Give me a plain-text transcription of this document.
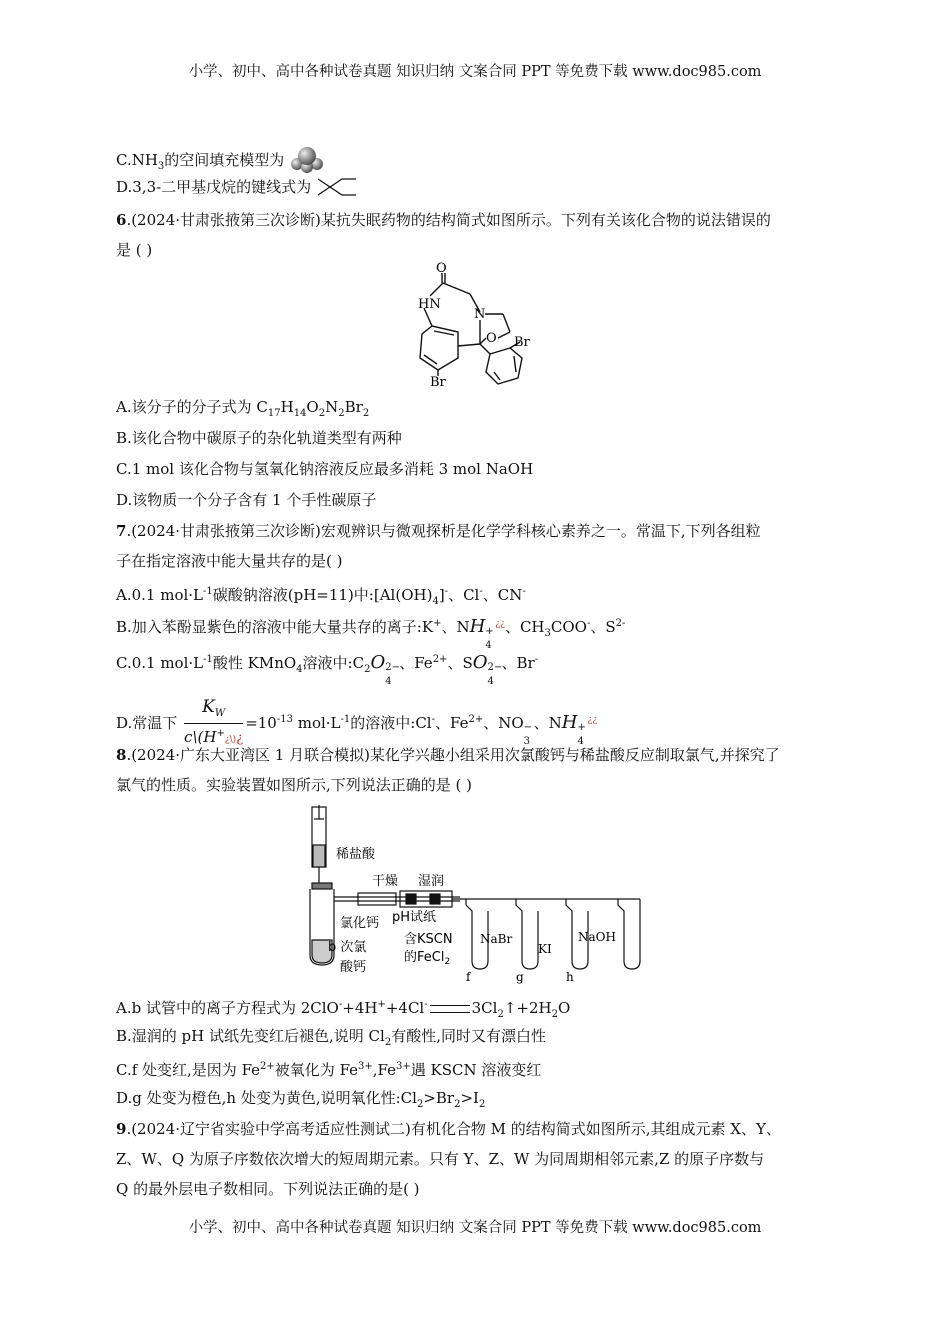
小学、初中、高中各种试卷真题 知识归纳 文案合同 PPT 等免费下载 www.doc985.com
$C.NH_3$的空间填充模型为
D.3,3-二甲基戊烷的键线式为
6.(2024·甘肃张掖第三次诊断)某抗失眠药物的结构简式如图所示。下列有关该化合物的说法错误的
是 ( )
O
HN
N
O Br
Br
A.该分子的分子式为 $C_{17}H_{14}O_2N_2Br_2$
B.该化合物中碳原子的杂化轨道类型有两种
C.1 mol 该化合物与氢氧化钠溶液反应最多消耗 3 mol NaOH
D.该物质一个分子含有 1 个手性碳原子
7.(2024·甘肃张掖第三次诊断)宏观辨识与微观探析是化学学科核心素养之一。常温下,下列各组粒
子在指定溶液中能大量共存的是( )
A.0.1 $mol\cdot L^{-1}$碳酸钠溶液(pH=11)中$:[Al(OH)_4]^-$、Cl-、CN-
B.加入苯酚显紫色的溶液中能大量共存的离子:K+、NH +
4
¿¿、$CH_3COO^-$、$S^{2-}$
C.0.1 $mol\cdot L^{-1}$酸性 KMnO$_4$溶液中$:C_2O$ 2−
4
、$Fe^{2+}$、SO 2−
4
、Br-
D.常温下 $\frac{K_W}{c\backslash(H^+¿\backslash)¿} =10^{-13}$ $mol\cdot L^{-1}$的溶液中:Cl-、$Fe^{2+}$、NO −
3
、NH +
4
¿¿
8.(2024·广东大亚湾区 1 月联合模拟)某化学兴趣小组采用次氯酸钙与稀盐酸反应制取氯气,并探究了
氯气的性质。实验装置如图所示,下列说法正确的是 ( )
稀盐酸
干燥 湿润
氯化钙 pH试纸
b 次氯
酸钙
含KSCN
的FeCl$_2$
NaBr
KI
NaOH
f	g	h
A.b 试管中的离子方程式为 2ClO-+4H++4Cl-	$3Cl_2↑+2H_2O$
B.湿润的 pH 试纸先变红后褪色,说明 $Cl_2$有酸性,同时又有漂白性
C.f 处变红,是因为 $Fe^{2+}$被氧化为 $Fe^{3+},Fe^{3+}$遇 KSCN 溶液变红
D.g 处变为橙色,h 处变为黄色,说明氧化性$:Cl_2>Br_2>I_2$
9.(2024·辽宁省实验中学高考适应性测试二)有机化合物 M 的结构简式如图所示,其组成元素 X、Y、
Z、W、Q 为原子序数依次增大的短周期元素。只有 Y、Z、W 为同周期相邻元素,Z 的原子序数与
Q 的最外层电子数相同。下列说法正确的是( )
小学、初中、高中各种试卷真题 知识归纳 文案合同 PPT 等免费下载 www.doc985.com
